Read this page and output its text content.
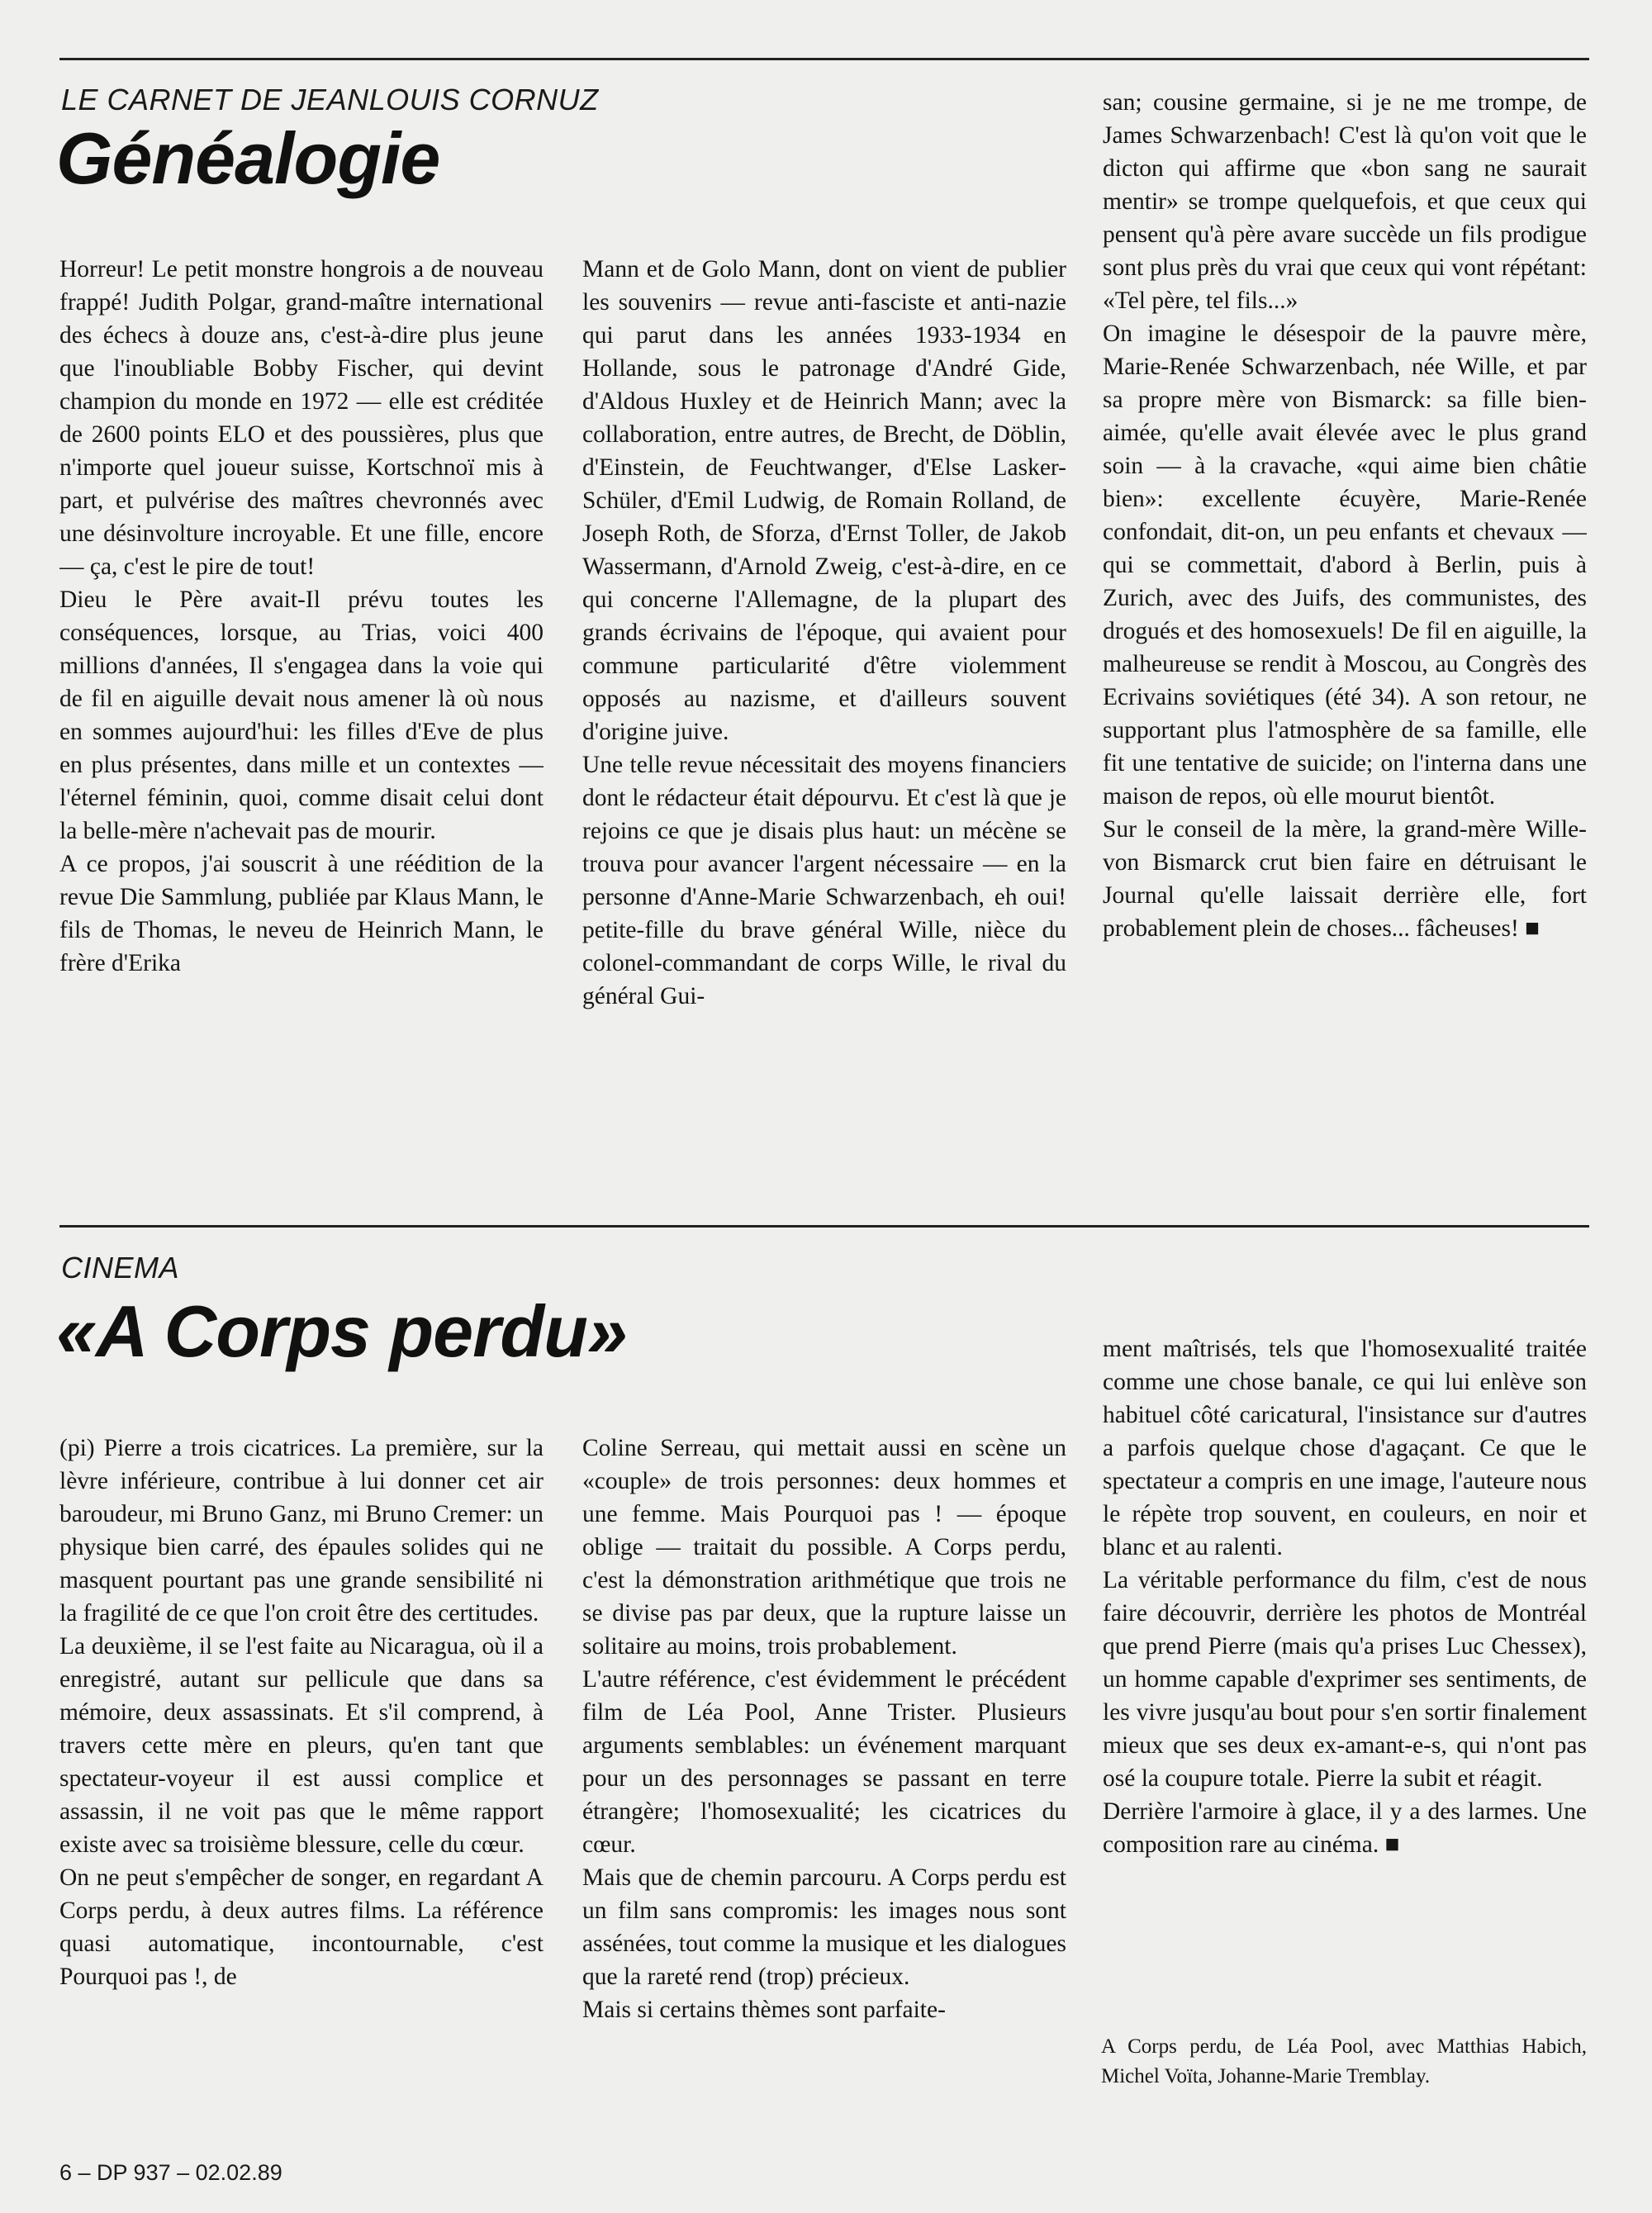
LE CARNET DE JEANLOUIS CORNUZ
Généalogie

Horreur! Le petit monstre hongrois a de nouveau frappé! Judith Polgar, grand-maître international des échecs à douze ans, c'est-à-dire plus jeune que l'inoubliable Bobby Fischer, qui devint champion du monde en 1972 — elle est créditée de 2600 points ELO et des poussières, plus que n'importe quel joueur suisse, Kortschnoï mis à part, et pulvérise des maîtres chevronnés avec une désinvolture incroyable. Et une fille, encore — ça, c'est le pire de tout!

Dieu le Père avait-Il prévu toutes les conséquences, lorsque, au Trias, voici 400 millions d'années, Il s'engagea dans la voie qui de fil en aiguille devait nous amener là où nous en sommes aujourd'hui: les filles d'Eve de plus en plus présentes, dans mille et un contextes — l'éternel féminin, quoi, comme disait celui dont la belle-mère n'achevait pas de mourir.

A ce propos, j'ai souscrit à une réédition de la revue Die Sammlung, publiée par Klaus Mann, le fils de Thomas, le neveu de Heinrich Mann, le frère d'Erika

Mann et de Golo Mann, dont on vient de publier les souvenirs — revue anti-fasciste et anti-nazie qui parut dans les années 1933-1934 en Hollande, sous le patronage d'André Gide, d'Aldous Huxley et de Heinrich Mann; avec la collaboration, entre autres, de Brecht, de Döblin, d'Einstein, de Feuchtwanger, d'Else Lasker-Schüler, d'Emil Ludwig, de Romain Rolland, de Joseph Roth, de Sforza, d'Ernst Toller, de Jakob Wassermann, d'Arnold Zweig, c'est-à-dire, en ce qui concerne l'Allemagne, de la plupart des grands écrivains de l'époque, qui avaient pour commune particularité d'être violemment opposés au nazisme, et d'ailleurs souvent d'origine juive.

Une telle revue nécessitait des moyens financiers dont le rédacteur était dépourvu. Et c'est là que je rejoins ce que je disais plus haut: un mécène se trouva pour avancer l'argent nécessaire — en la personne d'Anne-Marie Schwarzenbach, eh oui! petite-fille du brave général Wille, nièce du colonel-commandant de corps Wille, le rival du général Gui-

san; cousine germaine, si je ne me trompe, de James Schwarzenbach! C'est là qu'on voit que le dicton qui affirme que «bon sang ne saurait mentir» se trompe quelquefois, et que ceux qui pensent qu'à père avare succède un fils prodigue sont plus près du vrai que ceux qui vont répétant: «Tel père, tel fils...»

On imagine le désespoir de la pauvre mère, Marie-Renée Schwarzenbach, née Wille, et par sa propre mère von Bismarck: sa fille bien-aimée, qu'elle avait élevée avec le plus grand soin — à la cravache, «qui aime bien châtie bien»: excellente écuyère, Marie-Renée confondait, dit-on, un peu enfants et chevaux — qui se commettait, d'abord à Berlin, puis à Zurich, avec des Juifs, des communistes, des drogués et des homosexuels! De fil en aiguille, la malheureuse se rendit à Moscou, au Congrès des Ecrivains soviétiques (été 34). A son retour, ne supportant plus l'atmosphère de sa famille, elle fit une tentative de suicide; on l'interna dans une maison de repos, où elle mourut bientôt.

Sur le conseil de la mère, la grand-mère Wille-von Bismarck crut bien faire en détruisant le Journal qu'elle laissait derrière elle, fort probablement plein de choses... fâcheuses! ■

CINEMA
«A Corps perdu»

(pi) Pierre a trois cicatrices. La première, sur la lèvre inférieure, contribue à lui donner cet air baroudeur, mi Bruno Ganz, mi Bruno Cremer: un physique bien carré, des épaules solides qui ne masquent pourtant pas une grande sensibilité ni la fragilité de ce que l'on croit être des certitudes.

La deuxième, il se l'est faite au Nicaragua, où il a enregistré, autant sur pellicule que dans sa mémoire, deux assassinats. Et s'il comprend, à travers cette mère en pleurs, qu'en tant que spectateur-voyeur il est aussi complice et assassin, il ne voit pas que le même rapport existe avec sa troisième blessure, celle du cœur.

On ne peut s'empêcher de songer, en regardant A Corps perdu, à deux autres films. La référence quasi automatique, incontournable, c'est Pourquoi pas !, de

Coline Serreau, qui mettait aussi en scène un «couple» de trois personnes: deux hommes et une femme. Mais Pourquoi pas ! — époque oblige — traitait du possible. A Corps perdu, c'est la démonstration arithmétique que trois ne se divise pas par deux, que la rupture laisse un solitaire au moins, trois probablement.

L'autre référence, c'est évidemment le précédent film de Léa Pool, Anne Trister. Plusieurs arguments semblables: un événement marquant pour un des personnages se passant en terre étrangère; l'homosexualité; les cicatrices du cœur.

Mais que de chemin parcouru. A Corps perdu est un film sans compromis: les images nous sont assénées, tout comme la musique et les dialogues que la rareté rend (trop) précieux.

Mais si certains thèmes sont parfaite-

ment maîtrisés, tels que l'homosexualité traitée comme une chose banale, ce qui lui enlève son habituel côté caricatural, l'insistance sur d'autres a parfois quelque chose d'agaçant. Ce que le spectateur a compris en une image, l'auteure nous le répète trop souvent, en couleurs, en noir et blanc et au ralenti.

La véritable performance du film, c'est de nous faire découvrir, derrière les photos de Montréal que prend Pierre (mais qu'a prises Luc Chessex), un homme capable d'exprimer ses sentiments, de les vivre jusqu'au bout pour s'en sortir finalement mieux que ses deux ex-amant-e-s, qui n'ont pas osé la coupure totale. Pierre la subit et réagit.

Derrière l'armoire à glace, il y a des larmes. Une composition rare au cinéma. ■

A Corps perdu, de Léa Pool, avec Matthias Habich, Michel Voïta, Johanne-Marie Tremblay.
6 – DP 937 – 02.02.89
